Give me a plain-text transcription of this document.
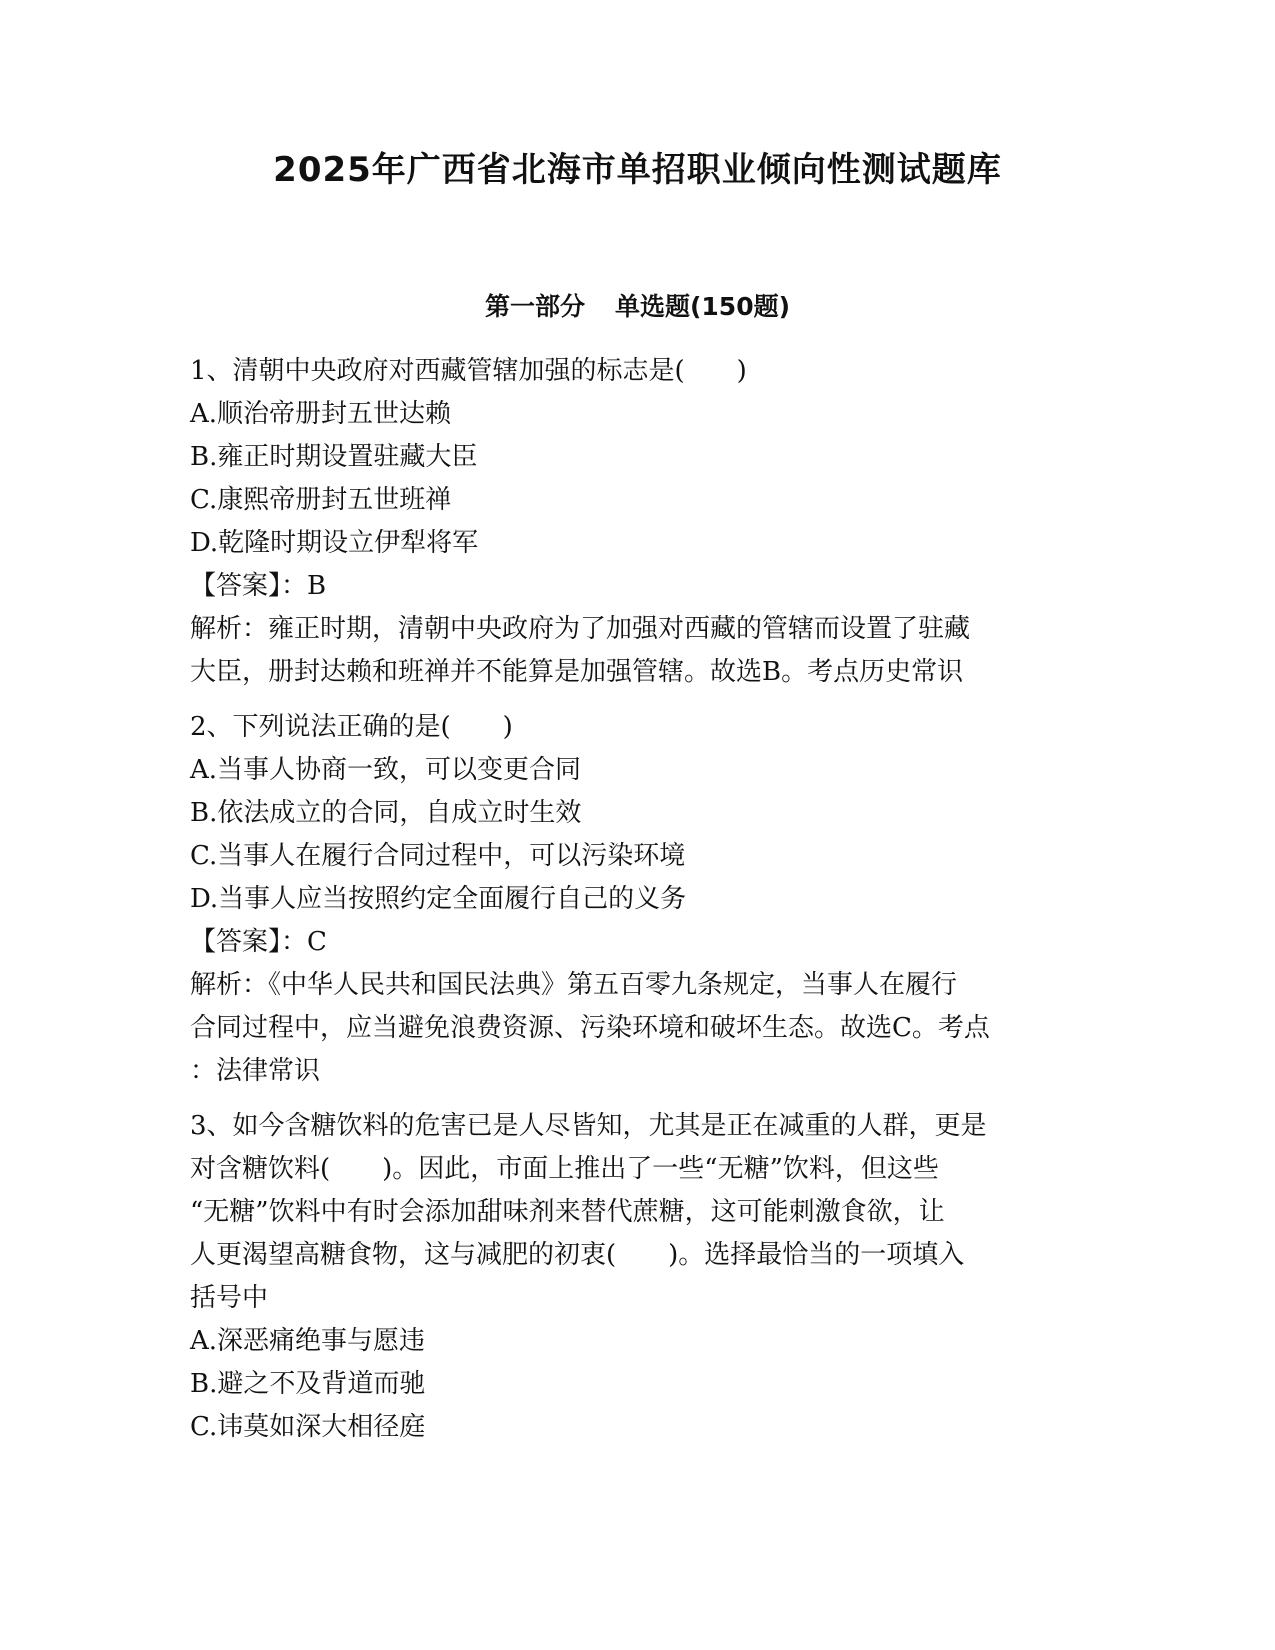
2025年广西省北海市单招职业倾向性测试题库
第一部分 单选题(150题)
1、清朝中央政府对西藏管辖加强的标志是(　　)
A.顺治帝册封五世达赖
B.雍正时期设置驻藏大臣
C.康熙帝册封五世班禅
D.乾隆时期设立伊犁将军
【答案】：B
解析：雍正时期，清朝中央政府为了加强对西藏的管辖而设置了驻藏
大臣，册封达赖和班禅并不能算是加强管辖。故选B。考点历史常识
2、下列说法正确的是(　　)
A.当事人协商一致，可以变更合同
B.依法成立的合同，自成立时生效
C.当事人在履行合同过程中，可以污染环境
D.当事人应当按照约定全面履行自己的义务
【答案】：C
解析：《中华人民共和国民法典》第五百零九条规定，当事人在履行
合同过程中，应当避免浪费资源、污染环境和破坏生态。故选C。考点
：法律常识
3、如今含糖饮料的危害已是人尽皆知，尤其是正在减重的人群，更是
对含糖饮料(　　)。因此，市面上推出了一些“无糖”饮料，但这些
“无糖”饮料中有时会添加甜味剂来替代蔗糖，这可能刺激食欲，让
人更渴望高糖食物，这与减肥的初衷(　　)。选择最恰当的一项填入
括号中
A.深恶痛绝事与愿违
B.避之不及背道而驰
C.讳莫如深大相径庭
